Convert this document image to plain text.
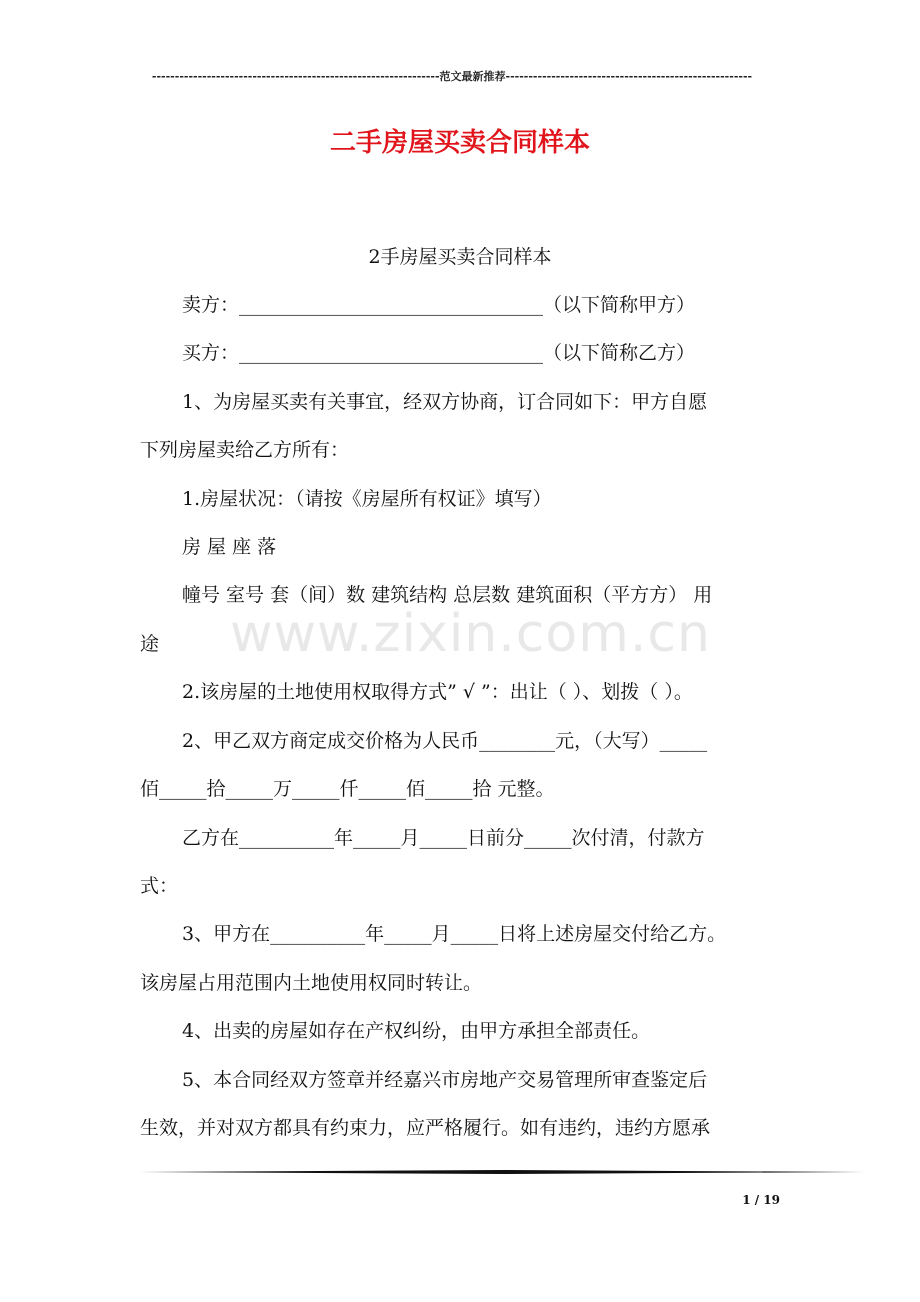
---------------------------------------------------------------范文最新推荐------------------------------------------------------
二手房屋买卖合同样本
www.zixin.com.cn
2手房屋买卖合同样本
卖方：________________________________（以下简称甲方）
买方：________________________________（以下简称乙方）
1、为房屋买卖有关事宜，经双方协商，订合同如下：甲方自愿
下列房屋卖给乙方所有：
1.房屋状况：（请按《房屋所有权证》填写）
房 屋 座 落
幢号 室号 套（间）数 建筑结构 总层数 建筑面积（平方方） 用
途
2.该房屋的土地使用权取得方式” √ ”：出让（ ）、划拨（ ）。
2、甲乙双方商定成交价格为人民币________元，（大写）_____
佰_____拾_____万_____仟_____佰_____拾 元整。
乙方在__________年_____月_____日前分_____次付清，付款方
式：
3、甲方在__________年_____月_____日将上述房屋交付给乙方。
该房屋占用范围内土地使用权同时转让。
4、出卖的房屋如存在产权纠纷，由甲方承担全部责任。
5、本合同经双方签章并经嘉兴市房地产交易管理所审查鉴定后
生效，并对双方都具有约束力，应严格履行。如有违约，违约方愿承
1 / 19
